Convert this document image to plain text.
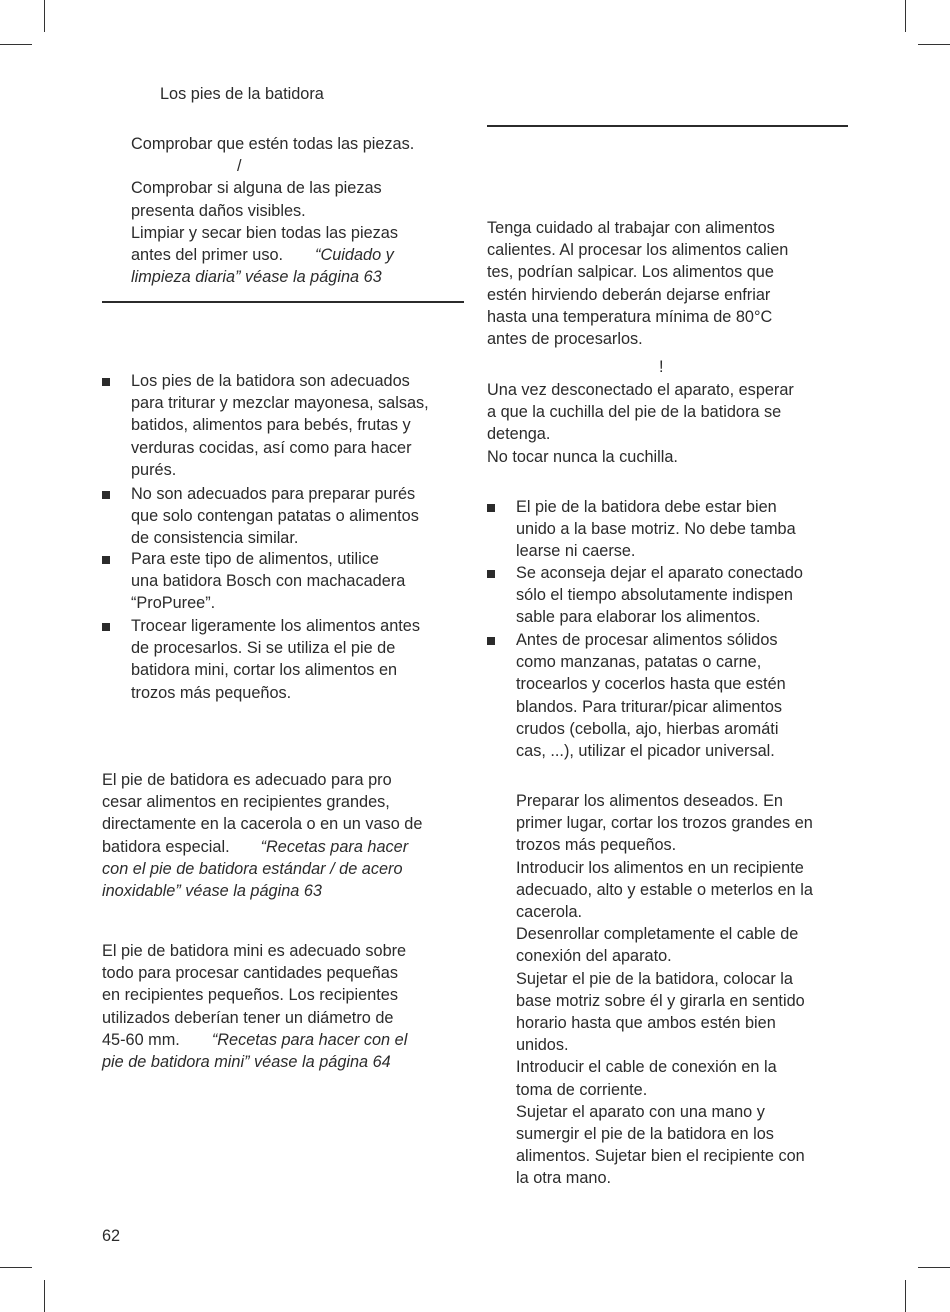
Los pies de la batidora
Comprobar que estén todas las piezas.
/
Comprobar si alguna de las piezas
presenta daños visibles.
Limpiar y secar bien todas las piezas
antes del primer uso. “Cuidado y
limpieza diaria” véase la página 63
Los pies de la batidora son adecuados
para triturar y mezclar mayonesa, salsas,
batidos, alimentos para bebés, frutas y
verduras cocidas, así como para hacer
purés.
No son adecuados para preparar purés
que solo contengan patatas o alimentos
de consistencia similar.
Para este tipo de alimentos, utilice
una batidora Bosch con machacadera
“ProPuree”.
Trocear ligeramente los alimentos antes
de procesarlos. Si se utiliza el pie de
batidora mini, cortar los alimentos en
trozos más pequeños.
El pie de batidora es adecuado para pro
cesar alimentos en recipientes grandes,
directamente en la cacerola o en un vaso de
batidora especial. “Recetas para hacer
con el pie de batidora estándar / de acero
inoxidable” véase la página 63
El pie de batidora mini es adecuado sobre
todo para procesar cantidades pequeñas
en recipientes pequeños. Los recipientes
utilizados deberían tener un diámetro de
45-60 mm. “Recetas para hacer con el
pie de batidora mini” véase la página 64
Tenga cuidado al trabajar con alimentos
calientes. Al procesar los alimentos calien
tes, podrían salpicar. Los alimentos que
estén hirviendo deberán dejarse enfriar
hasta una temperatura mínima de 80°C
antes de procesarlos.
!
Una vez desconectado el aparato, esperar
a que la cuchilla del pie de la batidora se
detenga.
No tocar nunca la cuchilla.
El pie de la batidora debe estar bien
unido a la base motriz. No debe tamba
learse ni caerse.
Se aconseja dejar el aparato conectado
sólo el tiempo absolutamente indispen
sable para elaborar los alimentos.
Antes de procesar alimentos sólidos
como manzanas, patatas o carne,
trocearlos y cocerlos hasta que estén
blandos. Para triturar/picar alimentos
crudos (cebolla, ajo, hierbas aromáti
cas, ...), utilizar el picador universal.
Preparar los alimentos deseados. En
primer lugar, cortar los trozos grandes en
trozos más pequeños.
Introducir los alimentos en un recipiente
adecuado, alto y estable o meterlos en la
cacerola.
Desenrollar completamente el cable de
conexión del aparato.
Sujetar el pie de la batidora, colocar la
base motriz sobre él y girarla en sentido
horario hasta que ambos estén bien
unidos.
Introducir el cable de conexión en la
toma de corriente.
Sujetar el aparato con una mano y
sumergir el pie de la batidora en los
alimentos. Sujetar bien el recipiente con
la otra mano.
62
